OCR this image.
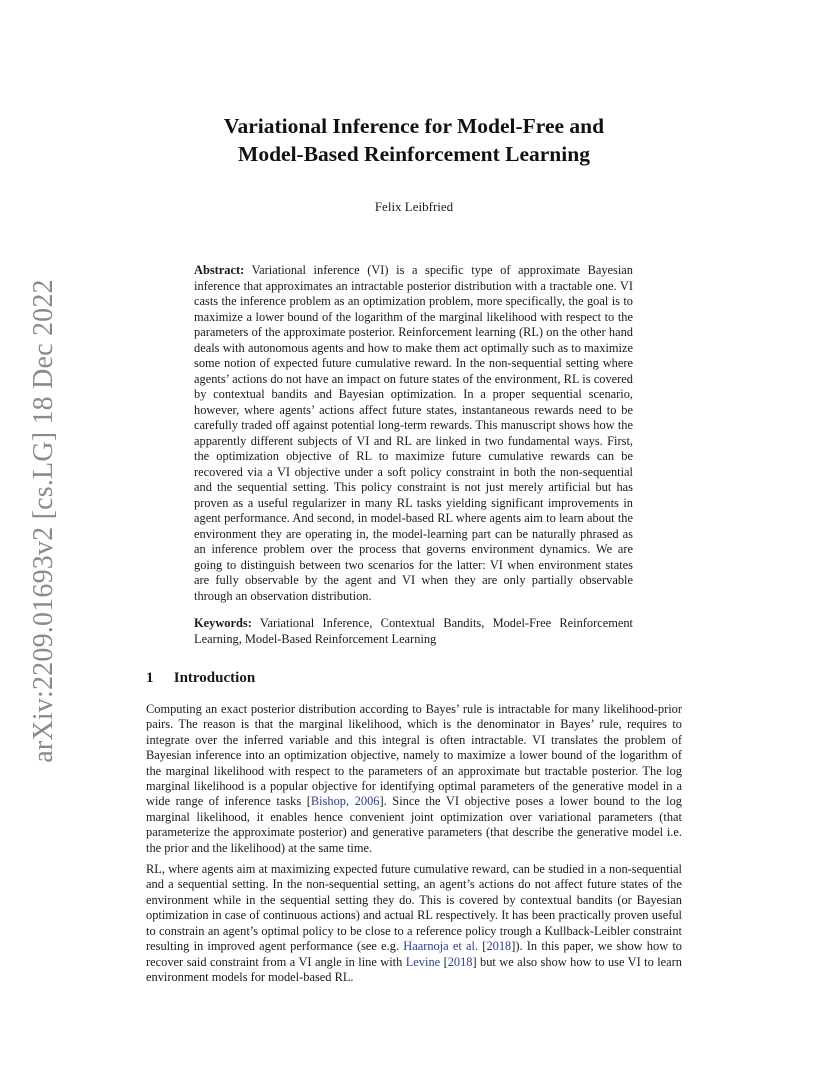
arXiv:2209.01693v2 [cs.LG] 18 Dec 2022
Variational Inference for Model-Free and
Model-Based Reinforcement Learning
Felix Leibfried
Abstract: Variational inference (VI) is a specific type of approximate Bayesian inference that approximates an intractable posterior distribution with a tractable one. VI casts the inference problem as an optimization problem, more specifically, the goal is to maximize a lower bound of the logarithm of the marginal likelihood with respect to the parameters of the approximate posterior. Reinforcement learning (RL) on the other hand deals with autonomous agents and how to make them act optimally such as to maximize some notion of expected future cumulative reward. In the non-sequential setting where agents’ actions do not have an impact on future states of the environment, RL is covered by contextual bandits and Bayesian optimization. In a proper sequential scenario, however, where agents’ actions affect future states, instantaneous rewards need to be carefully traded off against potential long-term rewards. This manuscript shows how the apparently different subjects of VI and RL are linked in two fundamental ways. First, the optimization objective of RL to maximize future cumulative rewards can be recovered via a VI objective under a soft policy constraint in both the non-sequential and the sequential setting. This policy constraint is not just merely artificial but has proven as a useful regularizer in many RL tasks yielding significant improvements in agent performance. And second, in model-based RL where agents aim to learn about the environment they are operating in, the model-learning part can be naturally phrased as an inference problem over the process that governs environment dynamics. We are going to distinguish between two scenarios for the latter: VI when environment states are fully observable by the agent and VI when they are only partially observable through an observation distribution.
Keywords: Variational Inference, Contextual Bandits, Model-Free Reinforcement Learning, Model-Based Reinforcement Learning
1 Introduction

Computing an exact posterior distribution according to Bayes’ rule is intractable for many likelihood-prior pairs. The reason is that the marginal likelihood, which is the denominator in Bayes’ rule, requires to integrate over the inferred variable and this integral is often intractable. VI translates the problem of Bayesian inference into an optimization objective, namely to maximize a lower bound of the logarithm of the marginal likelihood with respect to the parameters of an approximate but tractable posterior. The log marginal likelihood is a popular objective for identifying optimal parameters of the generative model in a wide range of inference tasks [Bishop, 2006]. Since the VI objective poses a lower bound to the log marginal likelihood, it enables hence convenient joint optimization over variational parameters (that parameterize the approximate posterior) and generative parameters (that describe the generative model i.e. the prior and the likelihood) at the same time.

RL, where agents aim at maximizing expected future cumulative reward, can be studied in a non-sequential and a sequential setting. In the non-sequential setting, an agent’s actions do not affect future states of the environment while in the sequential setting they do. This is covered by contextual bandits (or Bayesian optimization in case of continuous actions) and actual RL respectively. It has been practically proven useful to constrain an agent’s optimal policy to be close to a reference policy trough a Kullback-Leibler constraint resulting in improved agent performance (see e.g. Haarnoja et al. [2018]). In this paper, we show how to recover said constraint from a VI angle in line with Levine [2018] but we also show how to use VI to learn environment models for model-based RL.
